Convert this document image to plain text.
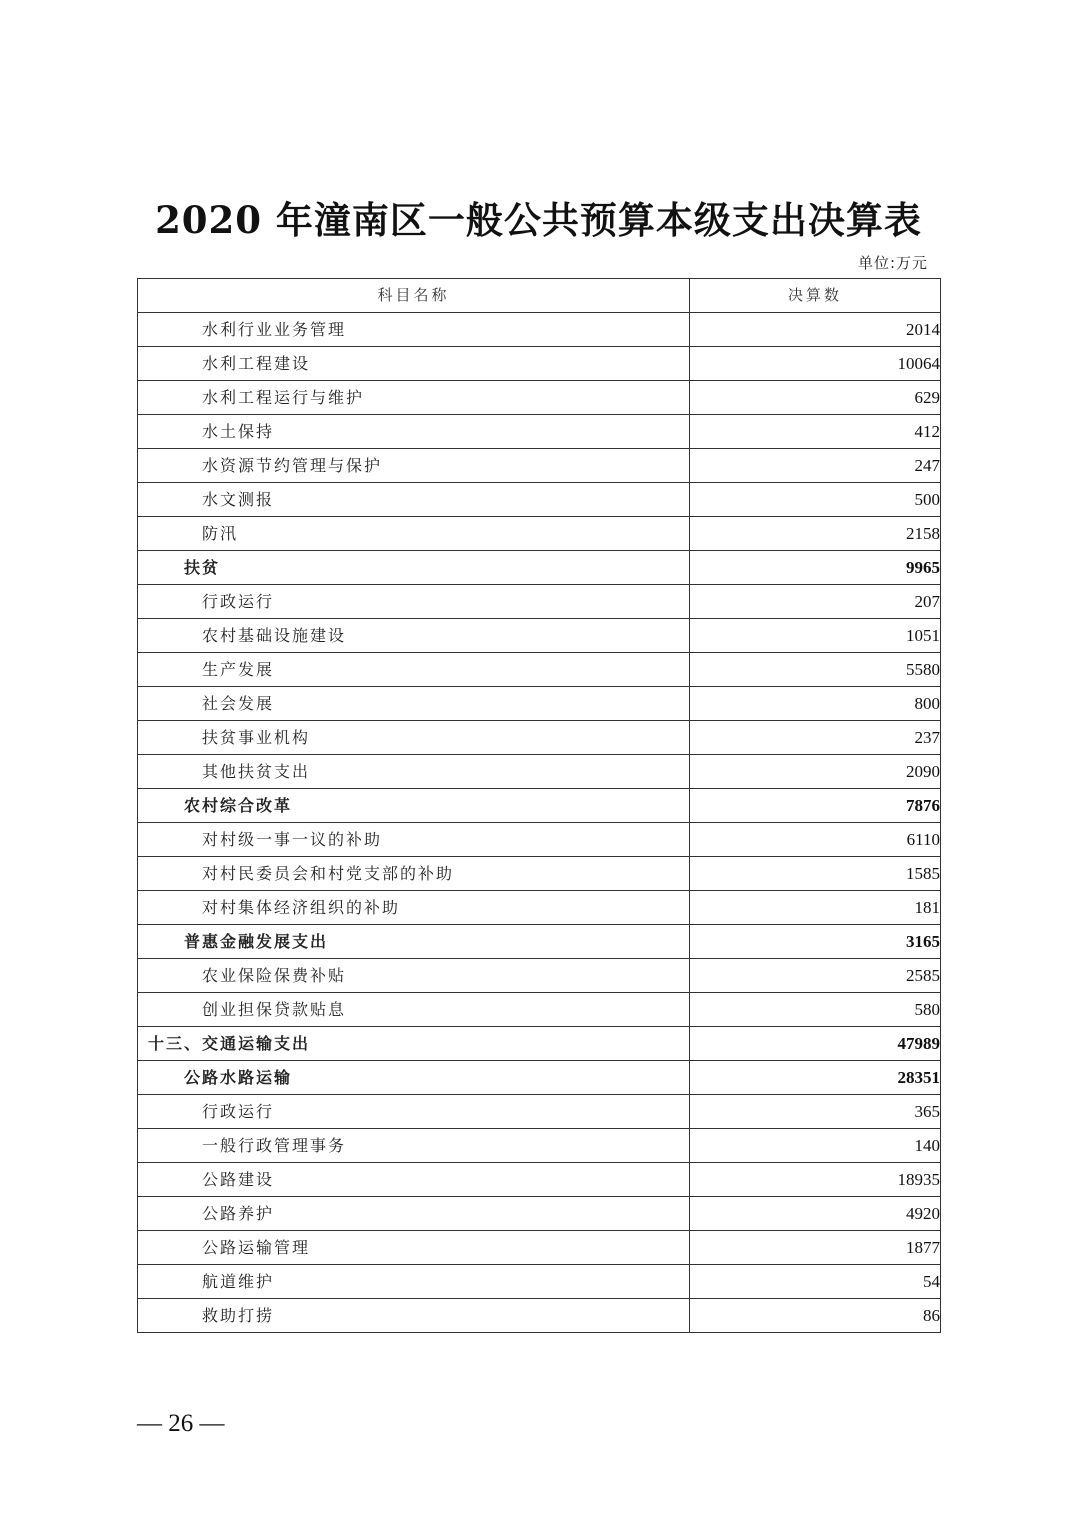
2020 年潼南区一般公共预算本级支出决算表
单位:万元
科目名称	决算数
水利行业业务管理	2014
水利工程建设	10064
水利工程运行与维护	629
水土保持	412
水资源节约管理与保护	247
水文测报	500
防汛	2158
扶贫	9965
行政运行	207
农村基础设施建设	1051
生产发展	5580
社会发展	800
扶贫事业机构	237
其他扶贫支出	2090
农村综合改革	7876
对村级一事一议的补助	6110
对村民委员会和村党支部的补助	1585
对村集体经济组织的补助	181
普惠金融发展支出	3165
农业保险保费补贴	2585
创业担保贷款贴息	580
十三、交通运输支出	47989
公路水路运输	28351
行政运行	365
一般行政管理事务	140
公路建设	18935
公路养护	4920
公路运输管理	1877
航道维护	54
救助打捞	86
— 26 —
